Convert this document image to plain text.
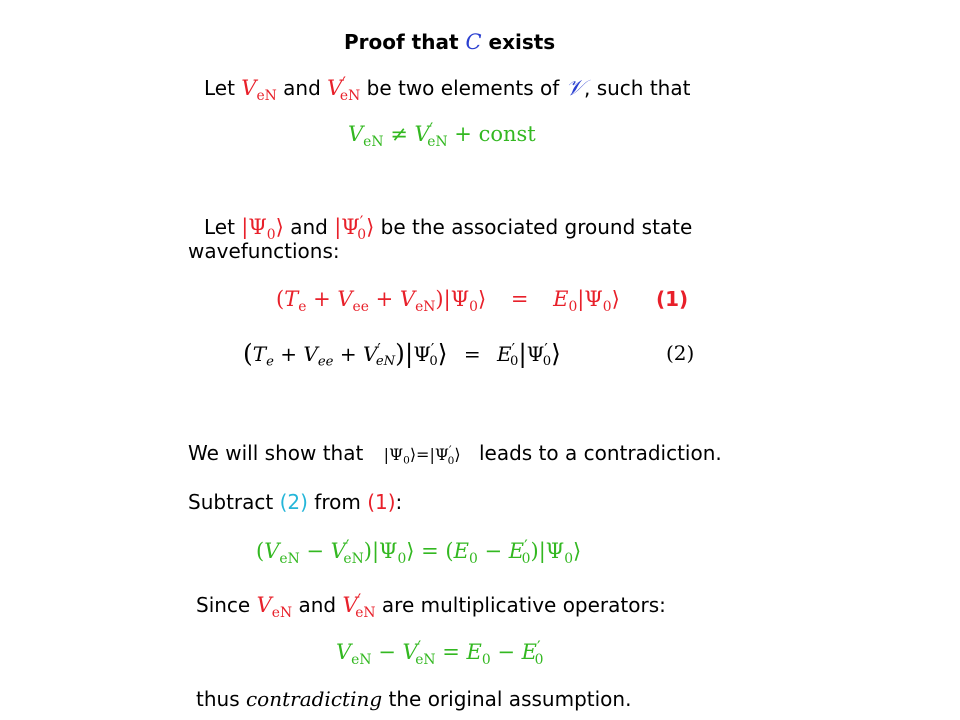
Proof that C exists
Let $V_{eN}$ and $V'_{eN}$ be two elements of 𝒱, such that
$V_{eN} \ne V'_{eN}$ + const
Let $|\Psi_0⟩$ and $|\Psi'_0⟩$ be the associated ground state
wavefunctions:
($T_e + V_{ee}$ + $V_{eN})|\Psi_0⟩$ = $E_0|\Psi_0⟩$ (1)
($T_e + V_{ee}$ + $V'_{eN})|\Psi'_0⟩$ = $E'_0|\Psi'_0⟩$	(2)
We will show that $|\Psi_0⟩=|\Psi'_0⟩$ leads to a contradiction.
Subtract (2) from (1):
($V_{eN}$ − $V'_{eN})|\Psi_0⟩ = (E_0$ − $E'_0)|\Psi_0⟩$
Since $V_{eN}$ and $V'_{eN}$ are multiplicative operators:
$V_{eN} - V'_{eN} = E_0 - E'_0$
thus contradicting the original assumption.
